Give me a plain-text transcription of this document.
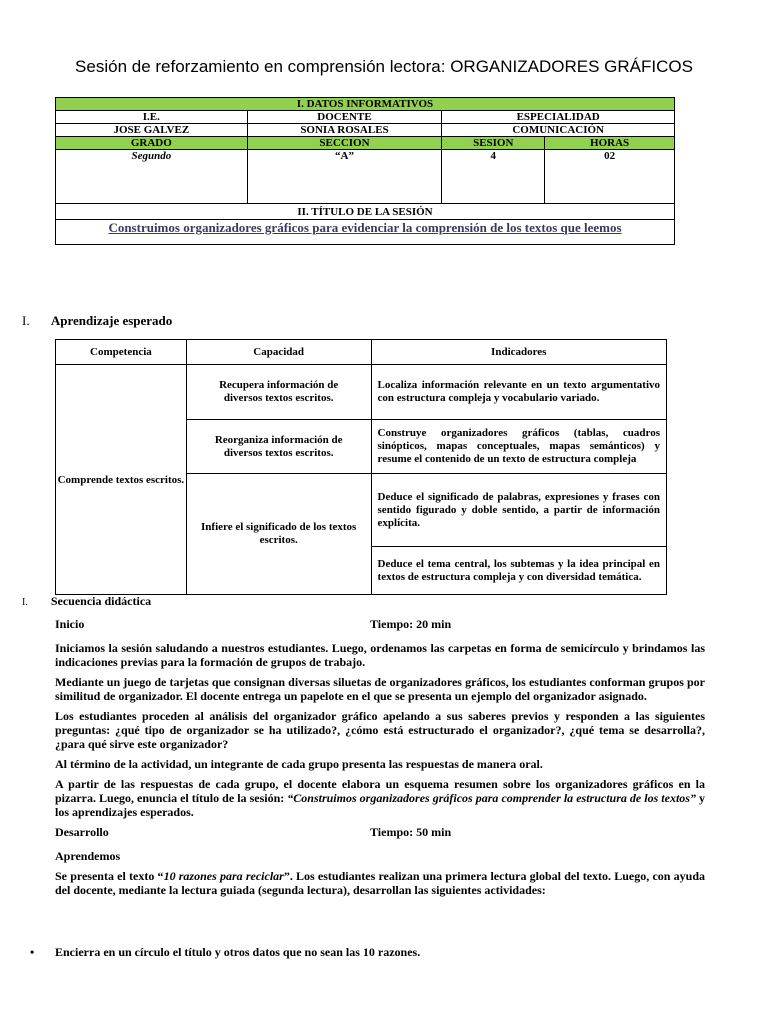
Sesión de reforzamiento en comprensión lectora: ORGANIZADORES GRÁFICOS
I. DATOS INFORMATIVOS			
I.E.	DOCENTE	ESPECIALIDAD	
JOSE GALVEZ	SONIA ROSALES	COMUNICACIÓN	
GRADO	SECCION	SESION	HORAS
Segundo	“A”	4	02
II. TÍTULO DE LA SESIÓN			
Construimos organizadores gráficos para evidenciar la comprensión de los textos que leemos			
I. Aprendizaje esperado
Competencia	Capacidad	Indicadores
Comprende textos escritos.	Recupera información de diversos textos escritos.	Localiza información relevante en un texto argumentativo con estructura compleja y vocabulario variado.
	Reorganiza información de diversos textos escritos.	Construye organizadores gráficos (tablas, cuadros sinópticos, mapas conceptuales, mapas semánticos) y resume el contenido de un texto de estructura compleja
	Infiere el significado de los textos escritos.	Deduce el significado de palabras, expresiones y frases con sentido figurado y doble sentido, a partir de información explícita.
		Deduce el tema central, los subtemas y la idea principal en textos de estructura compleja y con diversidad temática.
I. Secuencia didáctica
Inicio	Tiempo: 20 min

Iniciamos la sesión saludando a nuestros estudiantes. Luego, ordenamos las carpetas en forma de semicírculo y brindamos las indicaciones previas para la formación de grupos de trabajo.

Mediante un juego de tarjetas que consignan diversas siluetas de organizadores gráficos, los estudiantes conforman grupos por similitud de organizador. El docente entrega un papelote en el que se presenta un ejemplo del organizador asignado.

Los estudiantes proceden al análisis del organizador gráfico apelando a sus saberes previos y responden a las siguientes preguntas: ¿qué tipo de organizador se ha utilizado?, ¿cómo está estructurado el organizador?, ¿qué tema se desarrolla?, ¿para qué sirve este organizador?

Al término de la actividad, un integrante de cada grupo presenta las respuestas de manera oral.

A partir de las respuestas de cada grupo, el docente elabora un esquema resumen sobre los organizadores gráficos en la pizarra. Luego, enuncia el título de la sesión: “Construimos organizadores gráficos para comprender la estructura de los textos” y los aprendizajes esperados.

Desarrollo	Tiempo: 50 min

Aprendemos

Se presenta el texto “10 razones para reciclar”. Los estudiantes realizan una primera lectura global del texto. Luego, con ayuda del docente, mediante la lectura guiada (segunda lectura), desarrollan las siguientes actividades:

• Encierra en un círculo el título y otros datos que no sean las 10 razones.
